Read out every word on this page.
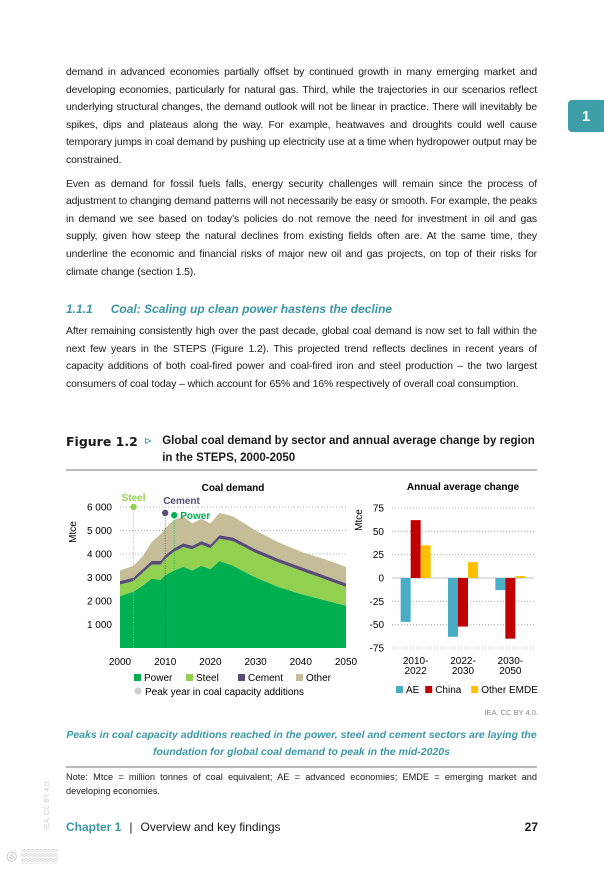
demand in advanced economies partially offset by continued growth in many emerging market and developing economies, particularly for natural gas. Third, while the trajectories in our scenarios reflect underlying structural changes, the demand outlook will not be linear in practice. There will inevitably be spikes, dips and plateaus along the way. For example, heatwaves and droughts could well cause temporary jumps in coal demand by pushing up electricity use at a time when hydropower output may be constrained.

Even as demand for fossil fuels falls, energy security challenges will remain since the process of adjustment to changing demand patterns will not necessarily be easy or smooth. For example, the peaks in demand we see based on today’s policies do not remove the need for investment in oil and gas supply, given how steep the natural declines from existing fields often are. At the same time, they underline the economic and financial risks of major new oil and gas projects, on top of their risks for climate change (section 1.5).

1.1.1 Coal: Scaling up clean power hastens the decline

After remaining consistently high over the past decade, global coal demand is now set to fall within the next few years in the STEPS (Figure 1.2). This projected trend reflects declines in recent years of capacity additions of both coal-fired power and coal-fired iron and steel production – the two largest consumers of coal today – which account for 65% and 16% respectively of overall coal consumption.

1
Figure 1.2 ⊳ Global coal demand by sector and annual average change by region in the STEPS, 2000-2050
Coal demand
Mtce
1 000
2 000
3 000
4 000
5 000
6 000
2000 2010 2020 2030 2040 2050
Steel Cement
Power
Power Steel	Cement Other
Peak year in coal capacity additions
Annual average change
Mtce
75
50
25
0
-25
-50
-75
2010-
2022
2022-
2030
2030-
2050
AE China Other EMDE
IEA. CC BY 4.0.
Peaks in coal capacity additions reached in the power, steel and cement sectors are laying the foundation for global coal demand to peak in the mid-2020s
Note: Mtce = million tonnes of coal equivalent; AE = advanced economies; EMDE = emerging market and developing economies.
IEA. CC BY 4.0. Chapter 1 | Overview and key findings	27
◎ ▒▒▒▒
